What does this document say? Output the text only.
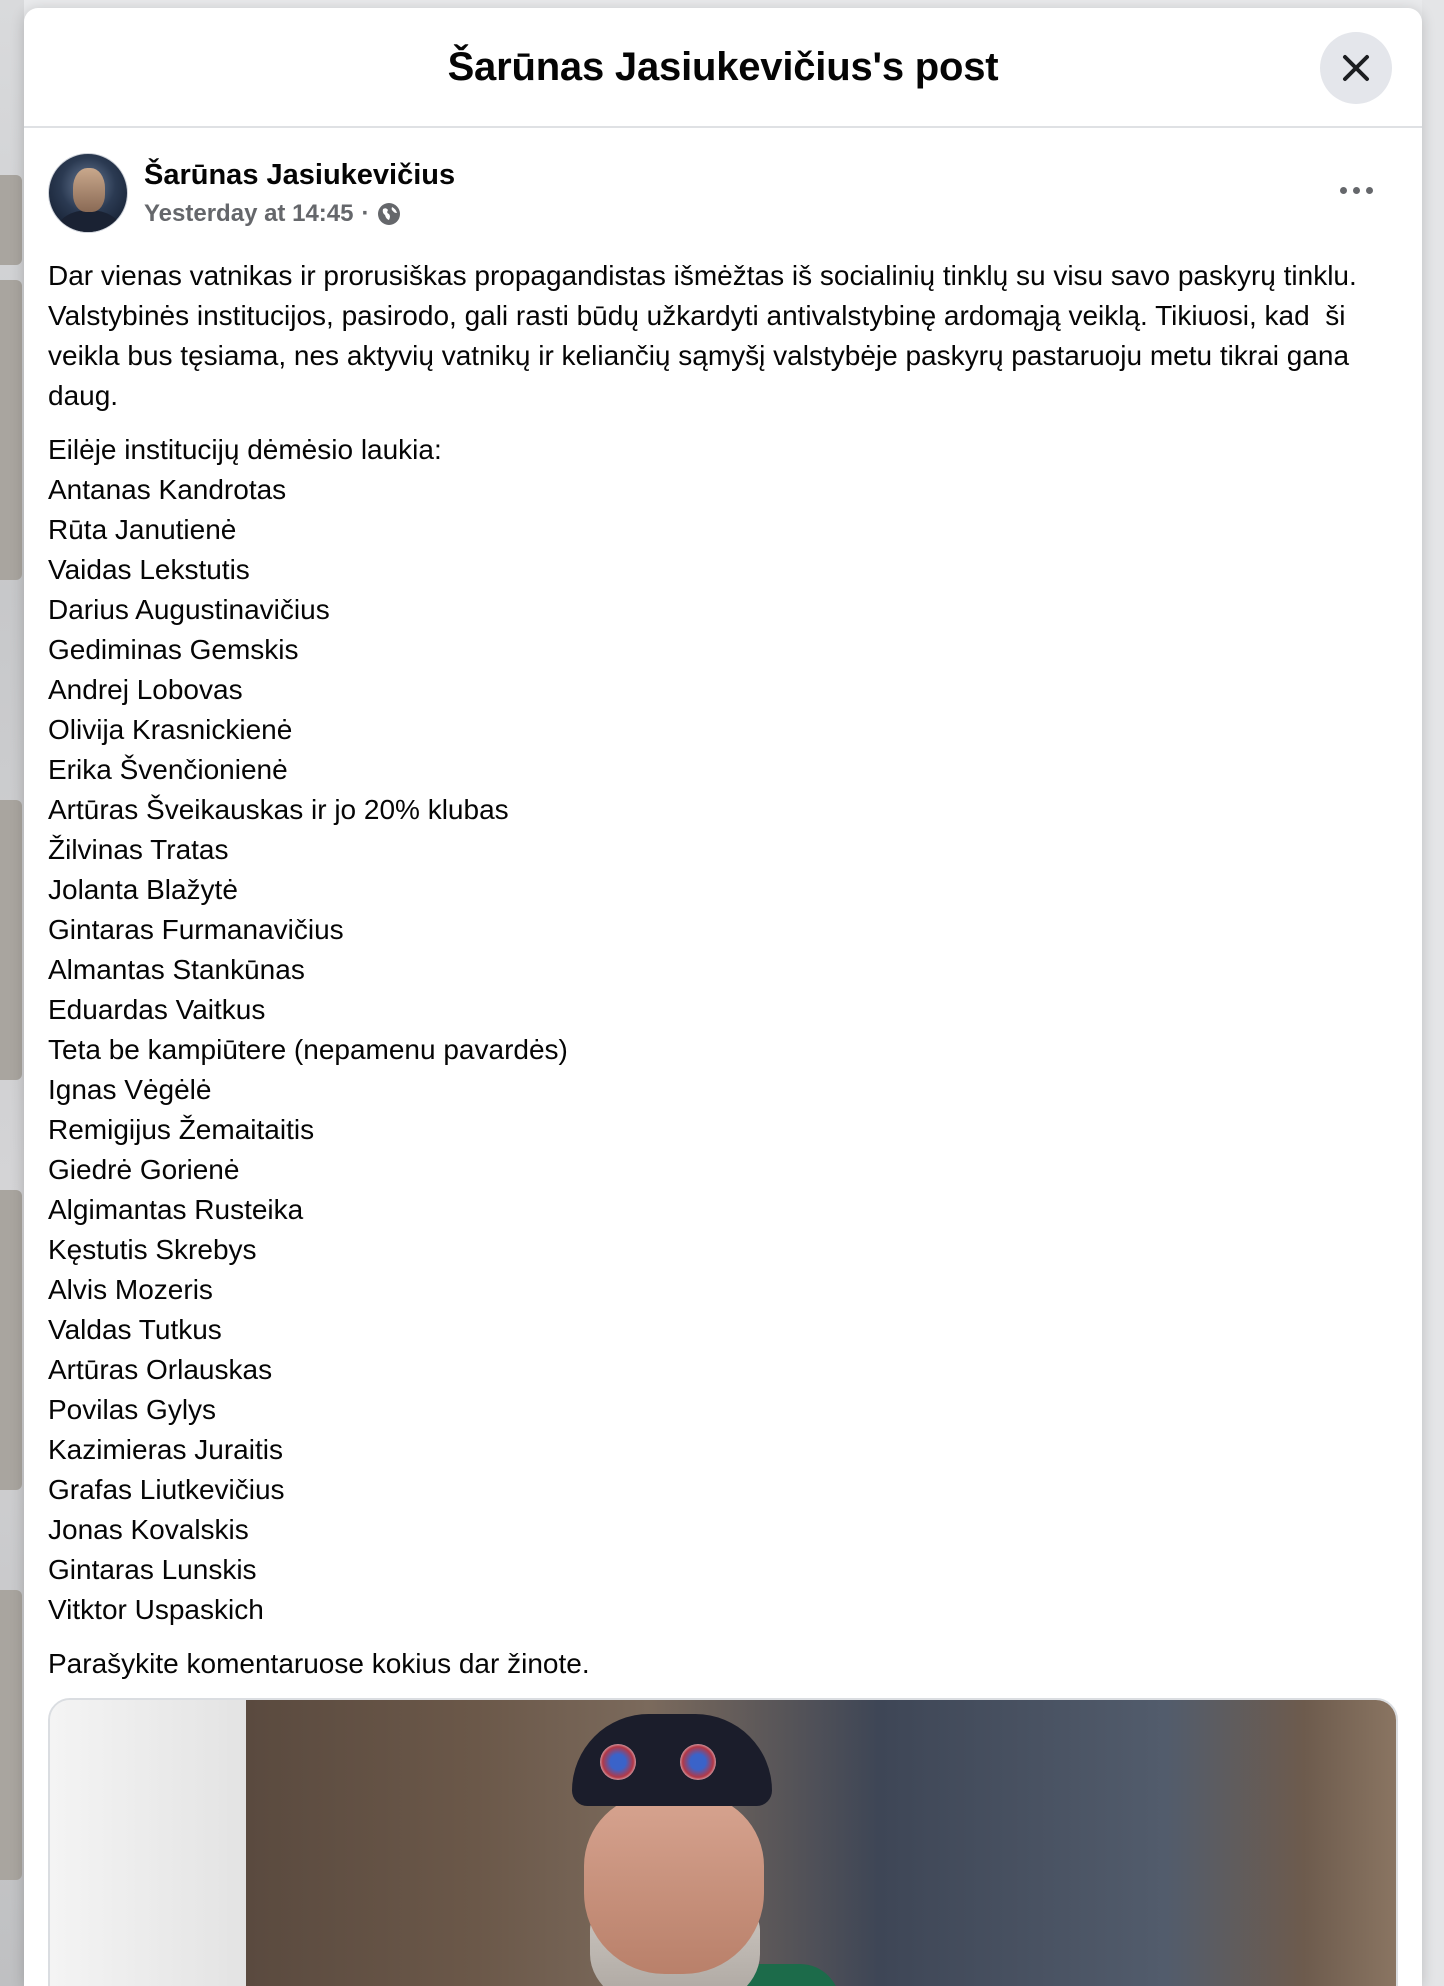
Šarūnas Jasiukevičius's post
Šarūnas Jasiukevičius
Yesterday at 14:45 ·

Dar vienas vatnikas ir prorusiškas propagandistas išmėžtas iš socialinių tinklų su visu savo paskyrų tinklu. Valstybinės institucijos, pasirodo, gali rasti būdų užkardyti antivalstybinę ardomąją veiklą. Tikiuosi, kad  ši veikla bus tęsiama, nes aktyvių vatnikų ir keliančių sąmyšį valstybėje paskyrų pastaruoju metu tikrai gana daug.

Eilėje institucijų dėmėsio laukia:

Antanas Kandrotas
Rūta Janutienė
Vaidas Lekstutis
Darius Augustinavičius
Gediminas Gemskis
Andrej Lobovas
Olivija Krasnickienė
Erika Švenčionienė
Artūras Šveikauskas ir jo 20% klubas
Žilvinas Tratas
Jolanta Blažytė
Gintaras Furmanavičius
Almantas Stankūnas
Eduardas Vaitkus
Teta be kampiūtere (nepamenu pavardės)
Ignas Vėgėlė
Remigijus Žemaitaitis
Giedrė Gorienė
Algimantas Rusteika
Kęstutis Skrebys
Alvis Mozeris
Valdas Tutkus
Artūras Orlauskas
Povilas Gylys
Kazimieras Juraitis
Grafas Liutkevičius
Jonas Kovalskis
Gintaras Lunskis
Vitktor Uspaskich

Parašykite komentaruose kokius dar žinote.
